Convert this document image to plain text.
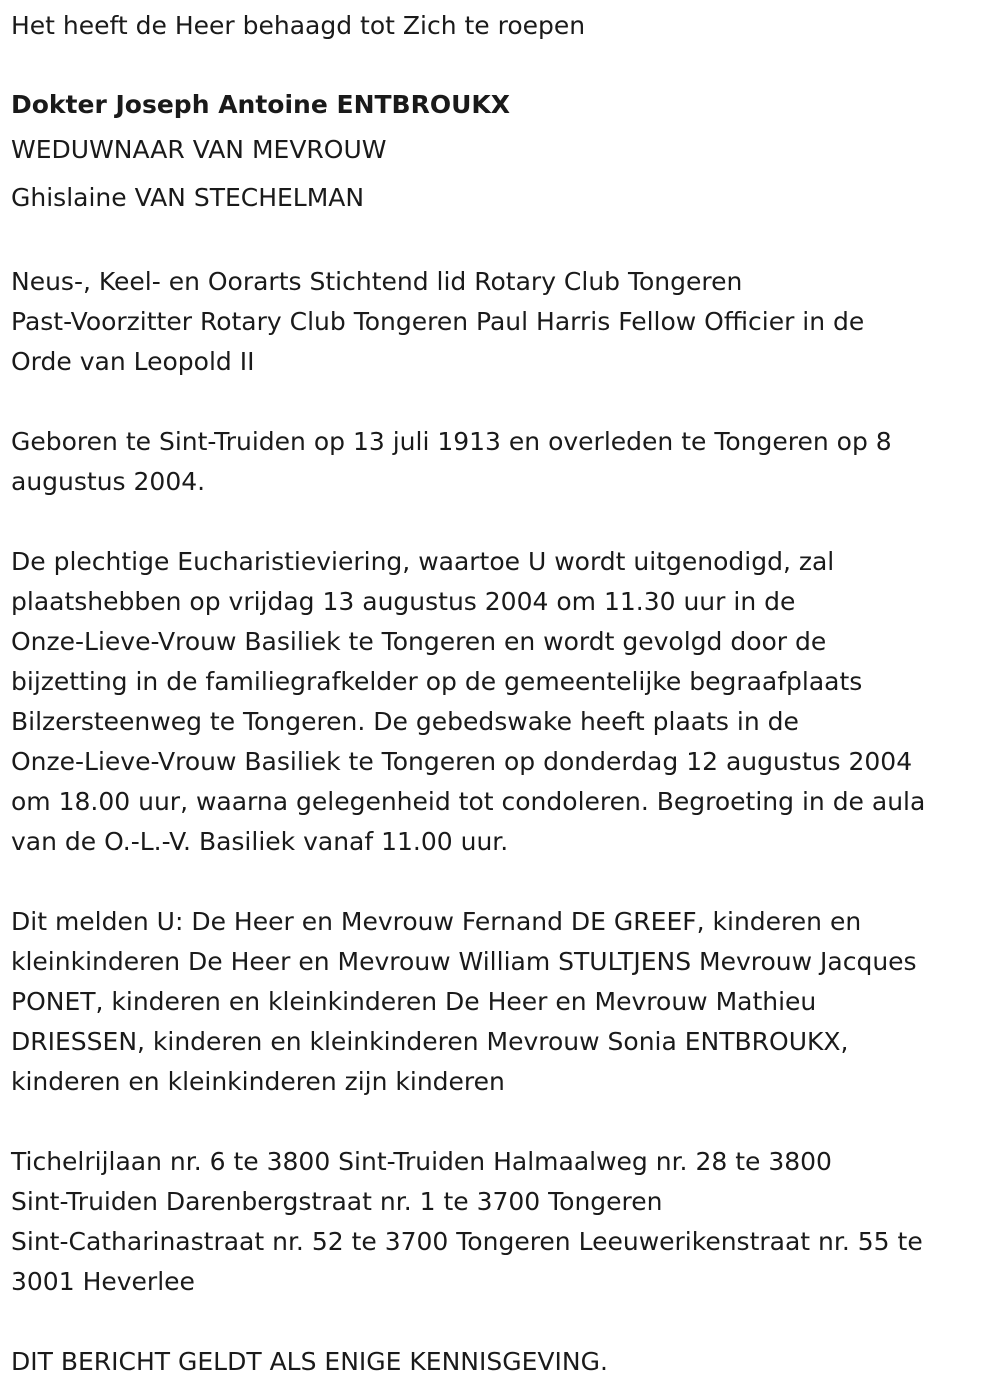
Het heeft de Heer behaagd tot Zich te roepen

Dokter Joseph Antoine ENTBROUKX

WEDUWNAAR VAN MEVROUW

Ghislaine VAN STECHELMAN

Neus-, Keel- en Oorarts Stichtend lid Rotary Club Tongeren

Past-Voorzitter Rotary Club Tongeren Paul Harris Fellow Officier in de

Orde van Leopold II

Geboren te Sint-Truiden op 13 juli 1913 en overleden te Tongeren op 8

augustus 2004.

De plechtige Eucharistieviering, waartoe U wordt uitgenodigd, zal

plaatshebben op vrijdag 13 augustus 2004 om 11.30 uur in de

Onze-Lieve-Vrouw Basiliek te Tongeren en wordt gevolgd door de

bijzetting in de familiegrafkelder op de gemeentelijke begraafplaats

Bilzersteenweg te Tongeren. De gebedswake heeft plaats in de

Onze-Lieve-Vrouw Basiliek te Tongeren op donderdag 12 augustus 2004

om 18.00 uur, waarna gelegenheid tot condoleren. Begroeting in de aula

van de O.-L.-V. Basiliek vanaf 11.00 uur.

Dit melden U: De Heer en Mevrouw Fernand DE GREEF, kinderen en

kleinkinderen De Heer en Mevrouw William STULTJENS Mevrouw Jacques

PONET, kinderen en kleinkinderen De Heer en Mevrouw Mathieu

DRIESSEN, kinderen en kleinkinderen Mevrouw Sonia ENTBROUKX,

kinderen en kleinkinderen zijn kinderen

Tichelrijlaan nr. 6 te 3800 Sint-Truiden Halmaalweg nr. 28 te 3800

Sint-Truiden Darenbergstraat nr. 1 te 3700 Tongeren

Sint-Catharinastraat nr. 52 te 3700 Tongeren Leeuwerikenstraat nr. 55 te

3001 Heverlee

DIT BERICHT GELDT ALS ENIGE KENNISGEVING.
